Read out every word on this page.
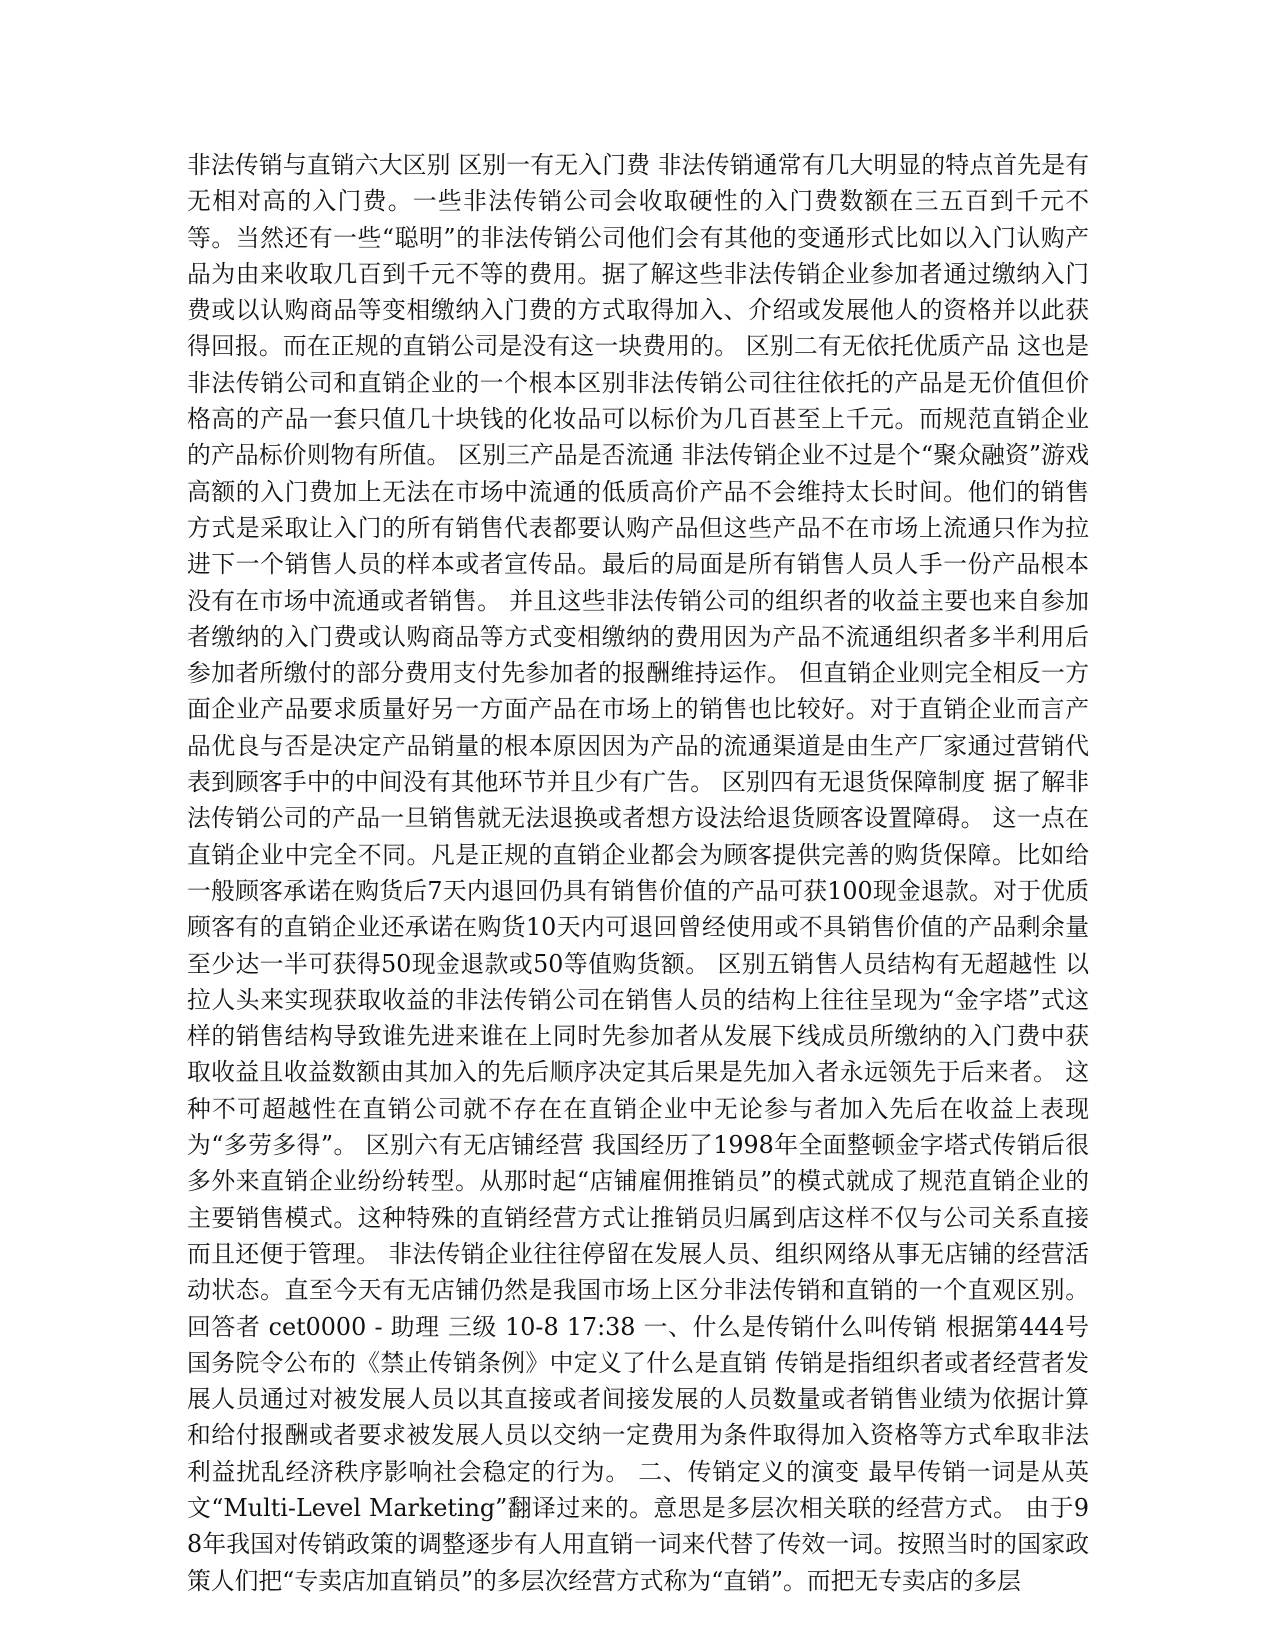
非法传销与直销六大区别 区别一有无入门费 非法传销通常有几大明显的特点首先是有无相对高的入门费。一些非法传销公司会收取硬性的入门费数额在三五百到千元不等。当然还有一些“聪明”的非法传销公司他们会有其他的变通形式比如以入门认购产品为由来收取几百到千元不等的费用。据了解这些非法传销企业参加者通过缴纳入门费或以认购商品等变相缴纳入门费的方式取得加入、介绍或发展他人的资格并以此获得回报。而在正规的直销公司是没有这一块费用的。 区别二有无依托优质产品 这也是非法传销公司和直销企业的一个根本区别非法传销公司往往依托的产品是无价值但价格高的产品一套只值几十块钱的化妆品可以标价为几百甚至上千元。而规范直销企业的产品标价则物有所值。 区别三产品是否流通 非法传销企业不过是个“聚众融资”游戏高额的入门费加上无法在市场中流通的低质高价产品不会维持太长时间。他们的销售方式是采取让入门的所有销售代表都要认购产品但这些产品不在市场上流通只作为拉进下一个销售人员的样本或者宣传品。最后的局面是所有销售人员人手一份产品根本没有在市场中流通或者销售。 并且这些非法传销公司的组织者的收益主要也来自参加者缴纳的入门费或认购商品等方式变相缴纳的费用因为产品不流通组织者多半利用后参加者所缴付的部分费用支付先参加者的报酬维持运作。 但直销企业则完全相反一方面企业产品要求质量好另一方面产品在市场上的销售也比较好。对于直销企业而言产品优良与否是决定产品销量的根本原因因为产品的流通渠道是由生产厂家通过营销代表到顾客手中的中间没有其他环节并且少有广告。 区别四有无退货保障制度 据了解非法传销公司的产品一旦销售就无法退换或者想方设法给退货顾客设置障碍。 这一点在直销企业中完全不同。凡是正规的直销企业都会为顾客提供完善的购货保障。比如给一般顾客承诺在购货后7天内退回仍具有销售价值的产品可获100现金退款。对于优质顾客有的直销企业还承诺在购货10天内可退回曾经使用或不具销售价值的产品剩余量至少达一半可获得50现金退款或50等值购货额。 区别五销售人员结构有无超越性 以拉人头来实现获取收益的非法传销公司在销售人员的结构上往往呈现为“金字塔”式这样的销售结构导致谁先进来谁在上同时先参加者从发展下线成员所缴纳的入门费中获取收益且收益数额由其加入的先后顺序决定其后果是先加入者永远领先于后来者。 这种不可超越性在直销公司就不存在在直销企业中无论参与者加入先后在收益上表现为“多劳多得”。 区别六有无店铺经营 我国经历了1998年全面整顿金字塔式传销后很多外来直销企业纷纷转型。从那时起“店铺雇佣推销员”的模式就成了规范直销企业的主要销售模式。这种特殊的直销经营方式让推销员归属到店这样不仅与公司关系直接而且还便于管理。 非法传销企业往往停留在发展人员、组织网络从事无店铺的经营活动状态。直至今天有无店铺仍然是我国市场上区分非法传销和直销的一个直观区别。 回答者 cet0000 - 助理 三级 10-8 17:38 一、什么是传销什么叫传销 根据第444号国务院令公布的《禁止传销条例》中定义了什么是直销 传销是指组织者或者经营者发展人员通过对被发展人员以其直接或者间接发展的人员数量或者销售业绩为依据计算和给付报酬或者要求被发展人员以交纳一定费用为条件取得加入资格等方式牟取非法利益扰乱经济秩序影响社会稳定的行为。 二、传销定义的演变 最早传销一词是从英文“Multi-Level Marketing”翻译过来的。意思是多层次相关联的经营方式。 由于98年我国对传销政策的调整逐步有人用直销一词来代替了传效一词。按照当时的国家政策人们把“专卖店加直销员”的多层次经营方式称为“直销”。而把无专卖店的多层
